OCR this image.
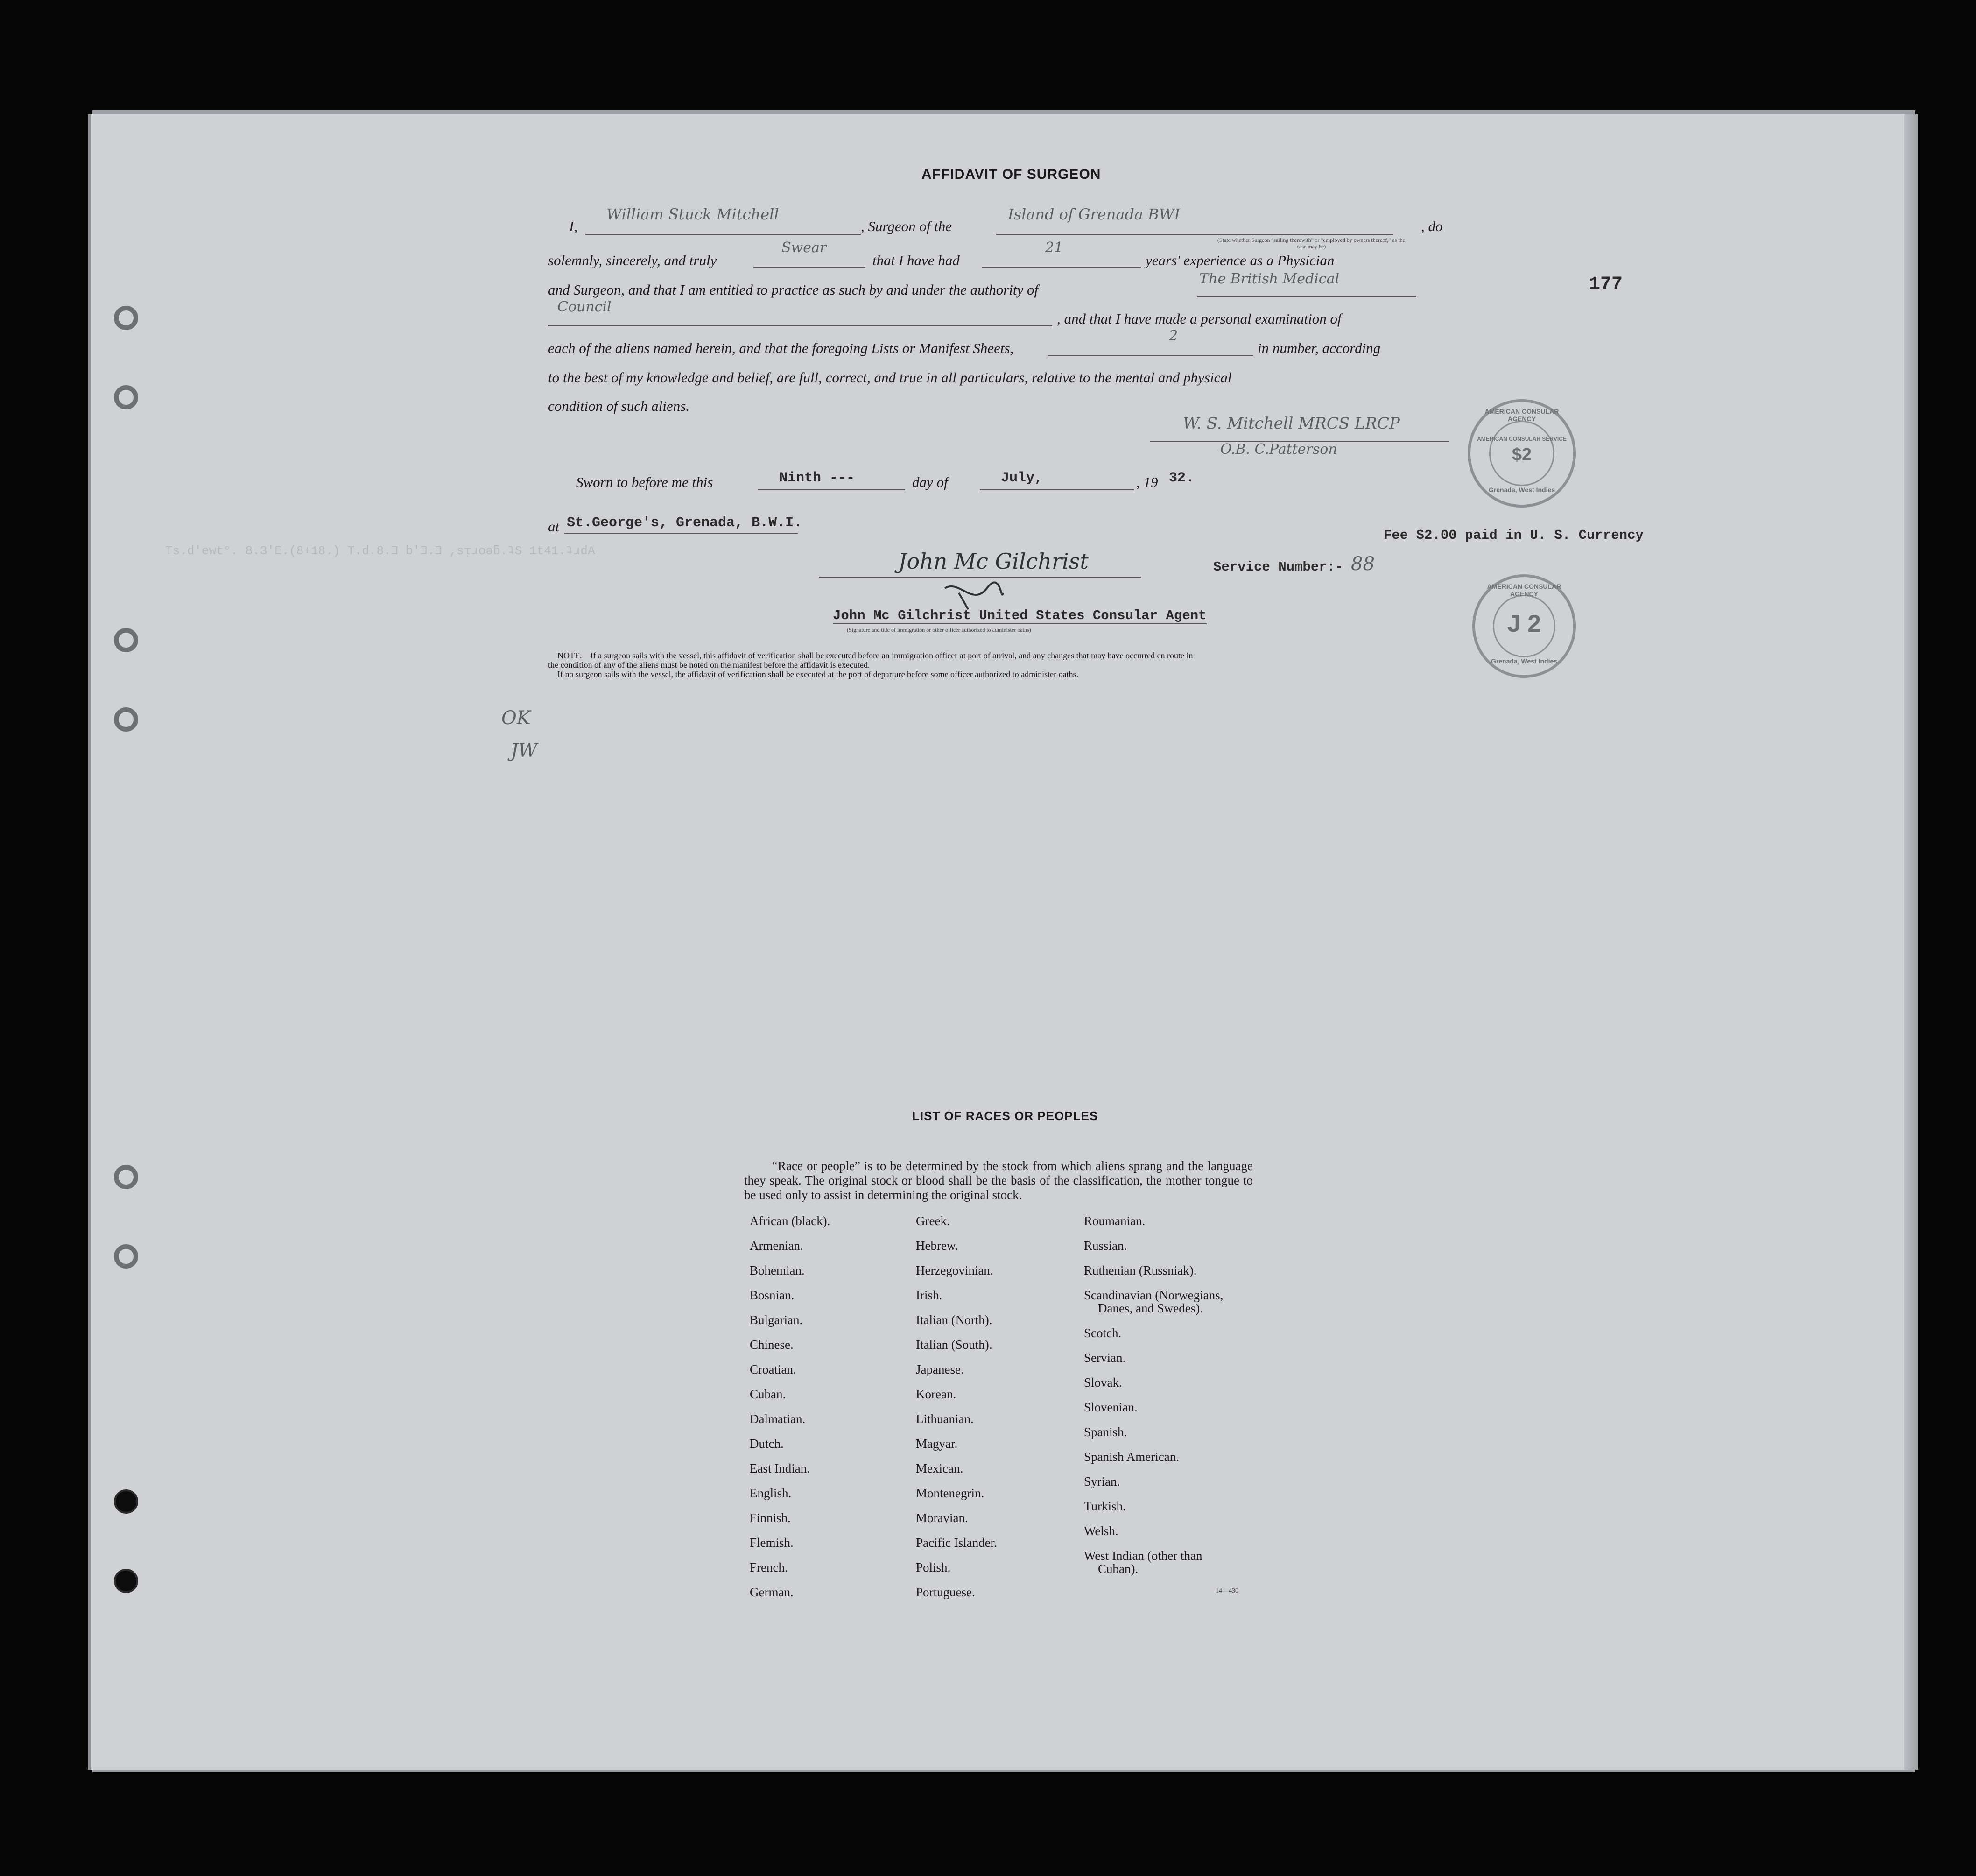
Ts.d'ewt°. 8.3'E.(8+18.) T.d.8.Ǝ b'Ǝ.Ǝ ,sᴉɹoǝƃ.ʇS 1t41.ʇɹdA
AFFIDAVIT OF SURGEON
177
I,
William Stuck Mitchell
, Surgeon of the
Island of Grenada BWI
, do
(State whether Surgeon "sailing therewith" or "employed by owners thereof," as the case may be)
solemnly, sincerely, and truly
Swear
that I have had
21
years' experience as a Physician
and Surgeon, and that I am entitled to practice as such by and under the authority of
The British Medical
Council
, and that I have made a personal examination of
each of the aliens named herein, and that the foregoing Lists or Manifest Sheets,
2
in number, according
to the best of my knowledge and belief, are full, correct, and true in all particulars, relative to the mental and physical
condition of such aliens.
W. S. Mitchell MRCS LRCP
O.B. C.Patterson
Sworn to before me this	Ninth ---	day of	July,	, 19 32.
at St.George's, Grenada, B.W.I.
Fee $2.00 paid in U. S. Currency
John Mc Gilchrist	Service Number:- 88
John Mc Gilchrist United States Consular Agent
(Signature and title of immigration or other officer authorized to administer oaths)
NOTE.—If a surgeon sails with the vessel, this affidavit of verification shall be executed before an immigration officer at port of arrival, and any changes that may have occurred en route in
the condition of any of the aliens must be noted on the manifest before the affidavit is executed.
If no surgeon sails with the vessel, the affidavit of verification shall be executed at the port of departure before some officer authorized to administer oaths.
OK
JW
AMERICAN CONSULAR AGENCY
AMERICAN CONSULAR SERVICE
$2
Grenada, West Indies
AMERICAN CONSULAR AGENCY
J 2
Grenada, West Indies
LIST OF RACES OR PEOPLES
“Race or people” is to be determined by the stock from which aliens sprang and the language they speak. The original stock or blood shall be the basis of the classification, the mother tongue to be used only to assist in determining the original stock.
African (black).
Armenian.
Bohemian.
Bosnian.
Bulgarian.
Chinese.
Croatian.
Cuban.
Dalmatian.
Dutch.
East Indian.
English.
Finnish.
Flemish.
French.
German.
Greek.
Hebrew.
Herzegovinian.
Irish.
Italian (North).
Italian (South).
Japanese.
Korean.
Lithuanian.
Magyar.
Mexican.
Montenegrin.
Moravian.
Pacific Islander.
Polish.
Portuguese.
Roumanian.
Russian.
Ruthenian (Russniak).
Scandinavian (Norwegians,
Danes, and Swedes).
Scotch.
Servian.
Slovak.
Slovenian.
Spanish.
Spanish American.
Syrian.
Turkish.
Welsh.
West Indian (other than
Cuban).
14—430
